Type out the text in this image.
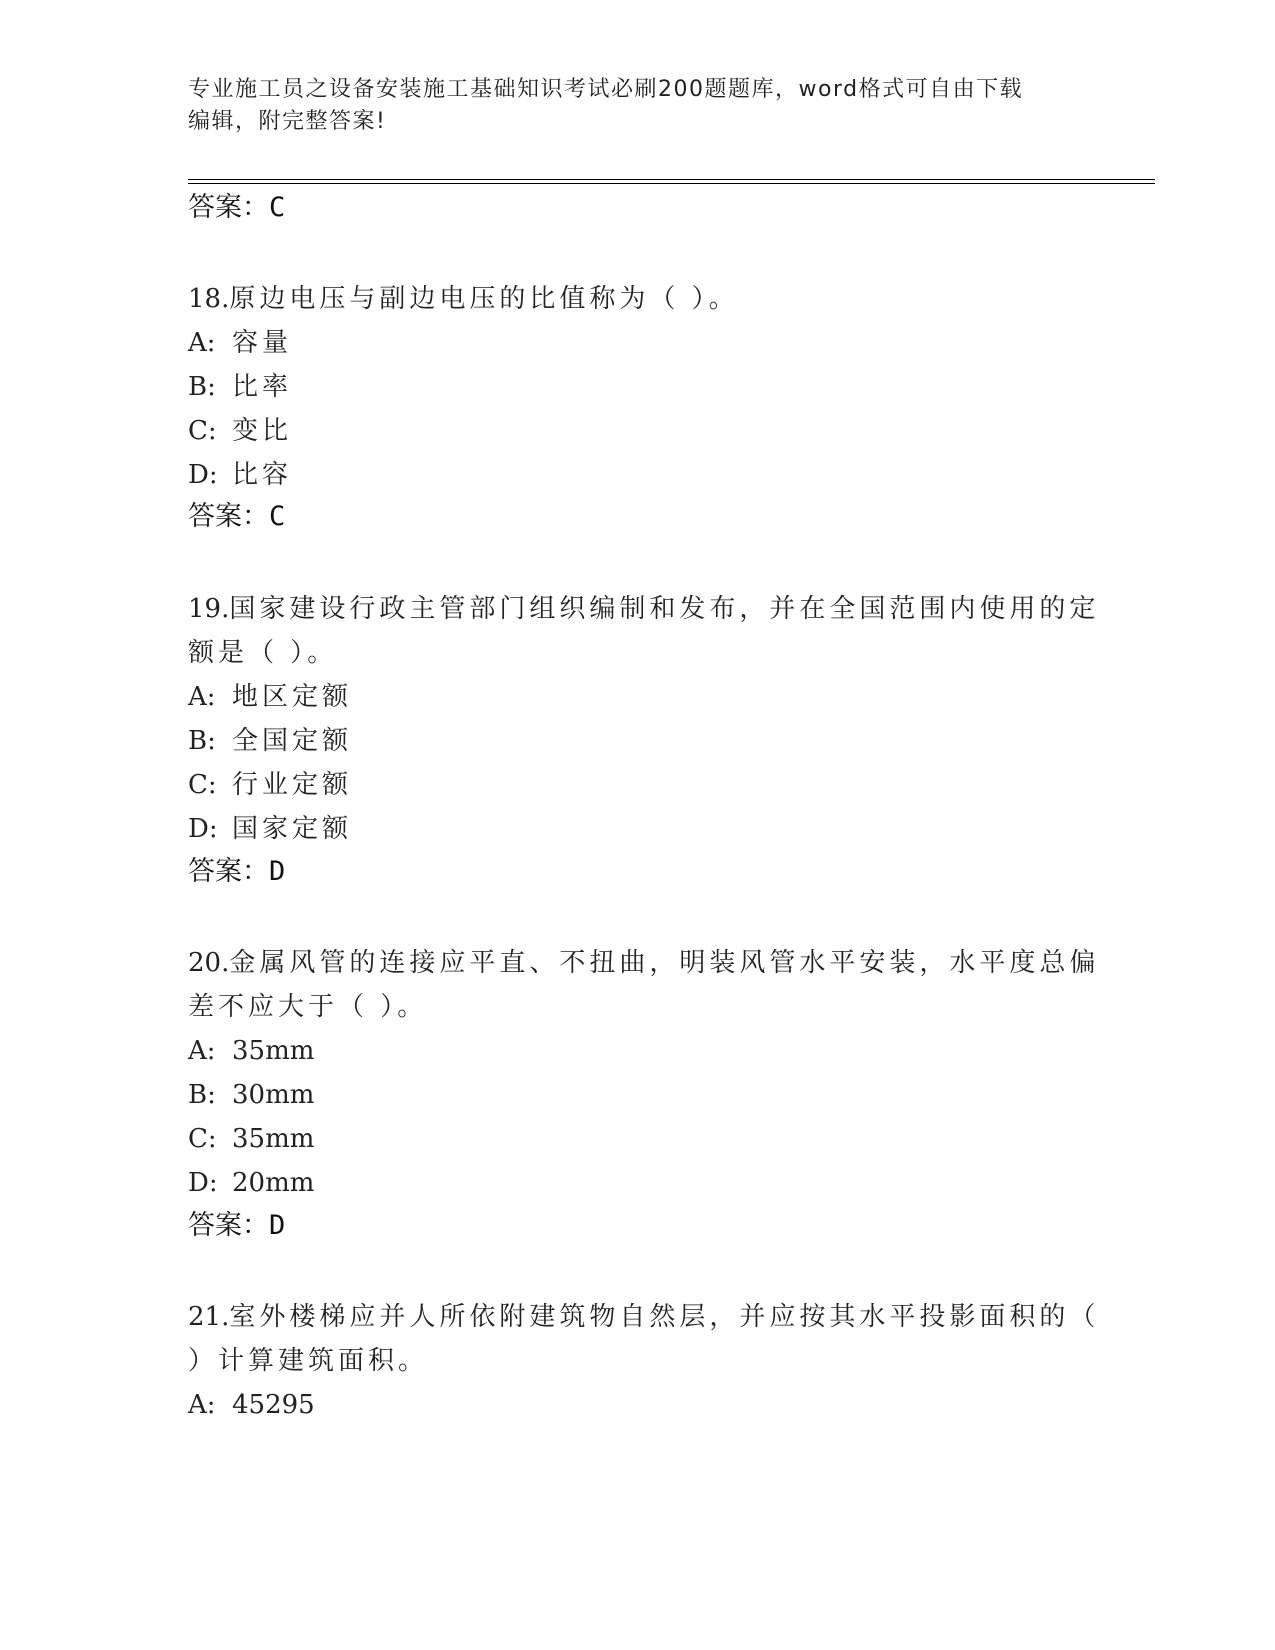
专业施工员之设备安装施工基础知识考试必刷200题题库，word格式可自由下载
编辑，附完整答案!
答案：C
18.原边电压与副边电压的比值称为（ ）。
A: 容量
B: 比率
C: 变比
D: 比容
答案：C
19.国家建设行政主管部门组织编制和发布，并在全国范围内使用的定
额是（ ）。
A: 地区定额
B: 全国定额
C: 行业定额
D: 国家定额
答案：D
20.金属风管的连接应平直、不扭曲，明装风管水平安装，水平度总偏
差不应大于（ ）。
A: 35mm
B: 30mm
C: 35mm
D: 20mm
答案：D
21.室外楼梯应并人所依附建筑物自然层，并应按其水平投影面积的（
）计算建筑面积。
A: 45295
